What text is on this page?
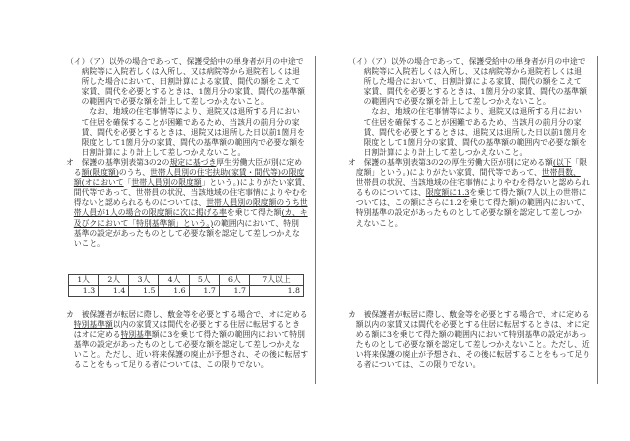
（イ）（ア）以外の場合であって、保護受給中の単身者が月の中途で
　　病院等に入院若しくは入所し、又は病院等から退院若しくは退
　　所した場合において、日割計算による家賃、間代の額をこえて
　　家賃、間代を必要とするときは、1箇月分の家賃、間代の基準額
　　の範囲内で必要な額を計上して差しつかえないこと。
　　　なお、地域の住宅事情等により、退院又は退所する月におい
　　て住居を確保することが困難であるため、当該月の前月分の家
　　賃、間代を必要とするときは、退院又は退所した日以前1箇月を
　　限度として1箇月分の家賃、間代の基準額の範囲内で必要な額を
　　日割計算により計上して差しつかえないこと。
オ　保護の基準別表第3の2の規定に基づき厚生労働大臣が別に定め
　る額(限度額)のうち、世帯人員別の住宅扶助(家賃・間代等)の限度
　額(オにおいて「世帯人員別の限度額」という。)によりがたい家賃、
　間代等であって、世帯員の状況、当該地域の住宅事情によりやむを
　得ないと認められるものについては、世帯人員別の限度額のうち世
　帯人員が1人の場合の限度額に次に掲げる率を乗じて得た額(カ、キ
　及びクにおいて「特別基準額」という。)の範囲内において、特別
　基準の設定があったものとして必要な額を認定して差しつかえな
　いこと。
カ　被保護者が転居に際し、敷金等を必要とする場合で、オに定める
　特別基準額以内の家賃又は間代を必要とする住居に転居するとき
　はオに定める特別基準額に3を乗じて得た額の範囲内において特別
　基準の設定があったものとして必要な額を認定して差しつかえな
　いこと。ただし、近い将来保護の廃止が予想され、その後に転居す
　ることをもって足りる者については、この限りでない。
1人	2人	3人	4人	5人	6人	7人以上
1.3	1.4	1.5	1.6	1.7	1.7	1.8
（イ）（ア）以外の場合であって、保護受給中の単身者が月の中途で
　　病院等に入院若しくは入所し、又は病院等から退院若しくは退
　　所した場合において、日割計算による家賃、間代の額をこえて
　　家賃、間代を必要とするときは、1箇月分の家賃、間代の基準額
　　の範囲内で必要な額を計上して差しつかえないこと。
　　　なお、地域の住宅事情等により、退院又は退所する月におい
　　て住居を確保することが困難であるため、当該月の前月分の家
　　賃、間代を必要とするときは、退院又は退所した日以前1箇月を
　　限度として1箇月分の家賃、間代の基準額の範囲内で必要な額を
　　日割計算により計上して差しつかえないこと。
オ　保護の基準別表第3の2の厚生労働大臣が別に定める額(以下「限
　度額」という。)によりがたい家賃、間代等であって、世帯員数、
　世帯員の状況、当該地域の住宅事情によりやむを得ないと認められ
　るものについては、限度額に1.3を乗じて得た額(7人以上の世帯に
　ついては、この額にさらに1.2を乗じて得た額)の範囲内において、
　特別基準の設定があったものとして必要な額を認定して差しつか
　えないこと。
カ　被保護者が転居に際し、敷金等を必要とする場合で、オに定める
　額以内の家賃又は間代を必要とする住居に転居するときは、オに定
　める額に3を乗じて得た額の範囲内において特別基準の設定があっ
　たものとして必要な額を認定して差しつかえないこと。ただし、近
　い将来保護の廃止が予想され、その後に転居することをもって足り
　る者については、この限りでない。
